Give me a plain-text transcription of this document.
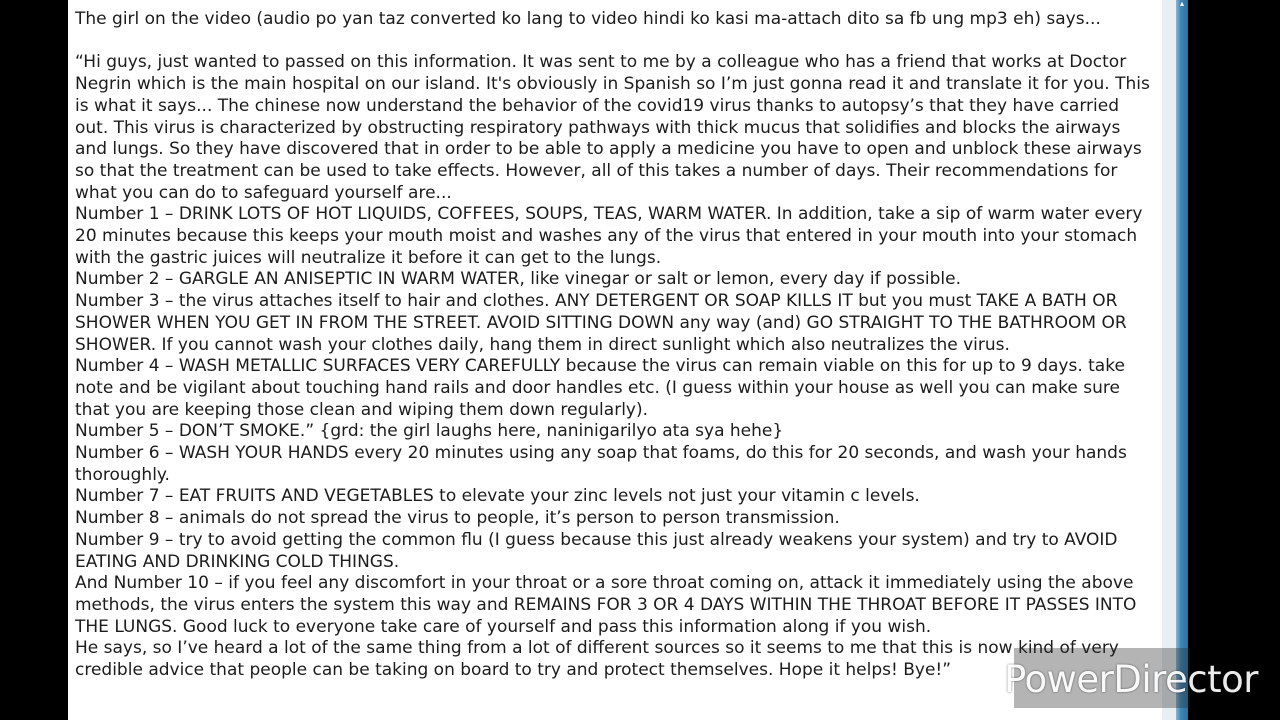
The girl on the video (audio po yan taz converted ko lang to video hindi ko kasi ma-attach dito sa fb ung mp3 eh) says...

“Hi guys, just wanted to passed on this information. It was sent to me by a colleague who has a friend that works at Doctor Negrin which is the main hospital on our island. It's obviously in Spanish so I’m just gonna read it and translate it for you. This is what it says... The chinese now understand the behavior of the covid19 virus thanks to autopsy’s that they have carried out. This virus is characterized by obstructing respiratory pathways with thick mucus that solidifies and blocks the airways and lungs. So they have discovered that in order to be able to apply a medicine you have to open and unblock these airways so that the treatment can be used to take effects. However, all of this takes a number of days. Their recommendations for what you can do to safeguard yourself are...

Number 1 – DRINK LOTS OF HOT LIQUIDS, COFFEES, SOUPS, TEAS, WARM WATER. In addition, take a sip of warm water every 20 minutes because this keeps your mouth moist and washes any of the virus that entered in your mouth into your stomach with the gastric juices will neutralize it before it can get to the lungs.

Number 2 – GARGLE AN ANISEPTIC IN WARM WATER, like vinegar or salt or lemon, every day if possible.

Number 3 – the virus attaches itself to hair and clothes. ANY DETERGENT OR SOAP KILLS IT but you must TAKE A BATH OR SHOWER WHEN YOU GET IN FROM THE STREET. AVOID SITTING DOWN any way (and) GO STRAIGHT TO THE BATHROOM OR SHOWER. If you cannot wash your clothes daily, hang them in direct sunlight which also neutralizes the virus.

Number 4 – WASH METALLIC SURFACES VERY CAREFULLY because the virus can remain viable on this for up to 9 days. take note and be vigilant about touching hand rails and door handles etc. (I guess within your house as well you can make sure that you are keeping those clean and wiping them down regularly).

Number 5 – DON’T SMOKE.” {grd: the girl laughs here, naninigarilyo ata sya hehe}

Number 6 – WASH YOUR HANDS every 20 minutes using any soap that foams, do this for 20 seconds, and wash your hands thoroughly.

Number 7 – EAT FRUITS AND VEGETABLES to elevate your zinc levels not just your vitamin c levels.

Number 8 – animals do not spread the virus to people, it’s person to person transmission.

Number 9 – try to avoid getting the common flu (I guess because this just already weakens your system) and try to AVOID EATING AND DRINKING COLD THINGS.

And Number 10 – if you feel any discomfort in your throat or a sore throat coming on, attack it immediately using the above methods, the virus enters the system this way and REMAINS FOR 3 OR 4 DAYS WITHIN THE THROAT BEFORE IT PASSES INTO THE LUNGS. Good luck to everyone take care of yourself and pass this information along if you wish.

He says, so I’ve heard a lot of the same thing from a lot of different sources so it seems to me that this is now kind of very credible advice that people can be taking on board to try and protect themselves. Hope it helps! Bye!”

▴
PowerDirector
